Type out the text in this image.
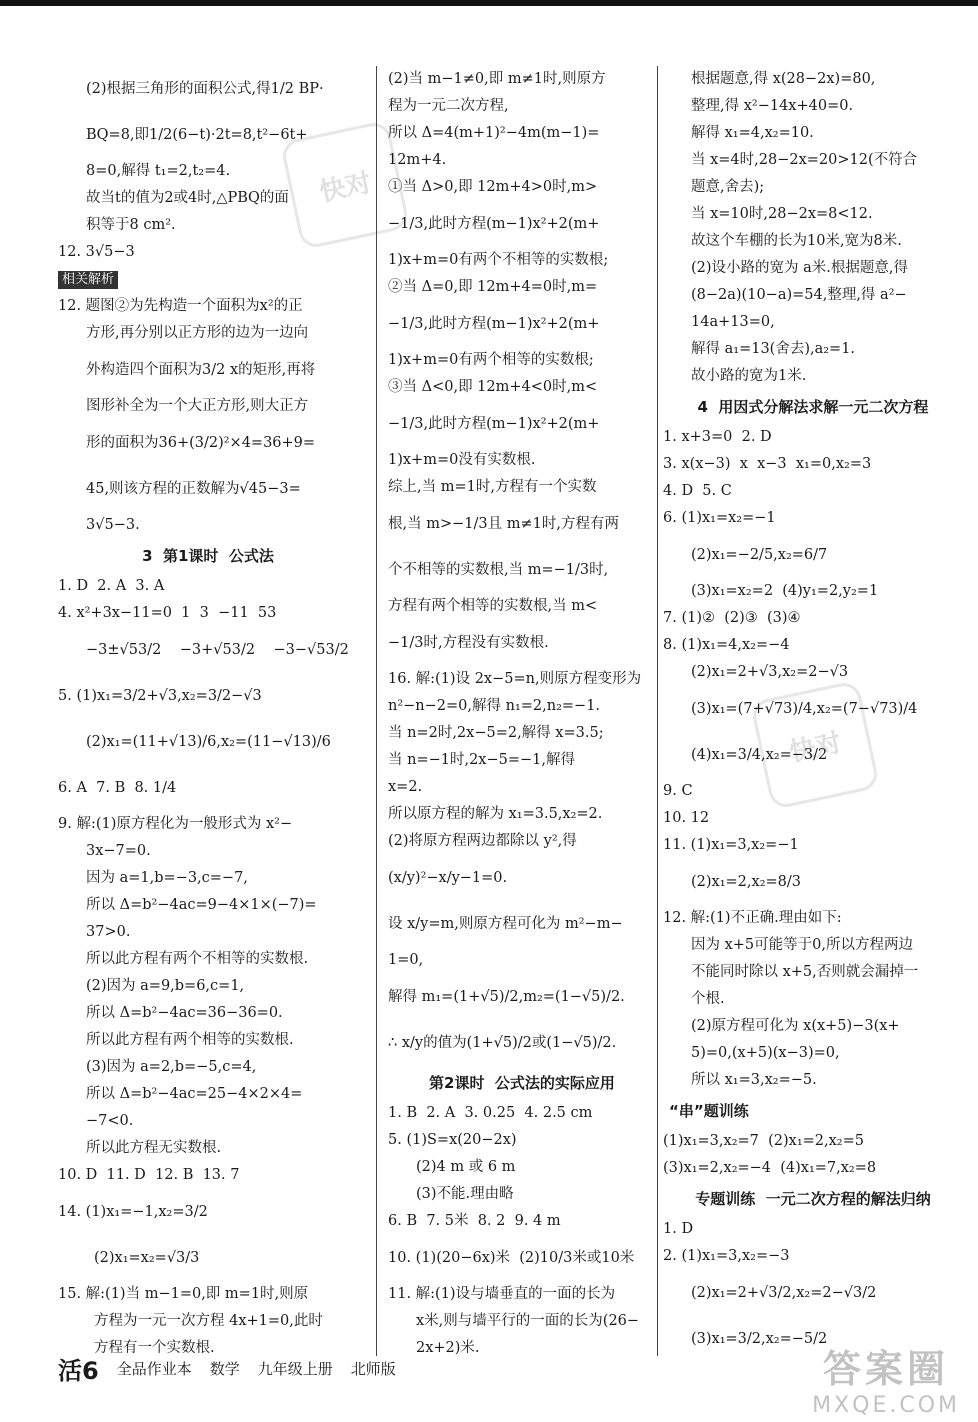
快对
快对
(2)根据三角形的面积公式,得1/2 BP·
BQ=8,即1/2(6−t)·2t=8,t²−6t+
8=0,解得 t₁=2,t₂=4.
故当t的值为2或4时,△PBQ的面
积等于8 cm².
12. 3√5−3
相关解析
12. 题图②为先构造一个面积为x²的正
方形,再分别以正方形的边为一边向
外构造四个面积为3/2 x的矩形,再将
图形补全为一个大正方形,则大正方
形的面积为36+(3/2)²×4=36+9=
45,则该方程的正数解为√45−3=
3√5−3.
3  第1课时  公式法
1. D  2. A  3. A
4. x²+3x−11=0  1  3  −11  53
−3±√53/2    −3+√53/2    −3−√53/2
5. (1)x₁=3/2+√3,x₂=3/2−√3
(2)x₁=(11+√13)/6,x₂=(11−√13)/6
6. A  7. B  8. 1/4
9. 解:(1)原方程化为一般形式为 x²−
3x−7=0.
因为 a=1,b=−3,c=−7,
所以 Δ=b²−4ac=9−4×1×(−7)=
37>0.
所以此方程有两个不相等的实数根.
(2)因为 a=9,b=6,c=1,
所以 Δ=b²−4ac=36−36=0.
所以此方程有两个相等的实数根.
(3)因为 a=2,b=−5,c=4,
所以 Δ=b²−4ac=25−4×2×4=
−7<0.
所以此方程无实数根.
10. D  11. D  12. B  13. 7
14. (1)x₁=−1,x₂=3/2
(2)x₁=x₂=√3/3
15. 解:(1)当 m−1=0,即 m=1时,则原
方程为一元一次方程 4x+1=0,此时
方程有一个实数根.
(2)当 m−1≠0,即 m≠1时,则原方
程为一元二次方程,
所以 Δ=4(m+1)²−4m(m−1)=
12m+4.
①当 Δ>0,即 12m+4>0时,m>
−1/3,此时方程(m−1)x²+2(m+
1)x+m=0有两个不相等的实数根;
②当 Δ=0,即 12m+4=0时,m=
−1/3,此时方程(m−1)x²+2(m+
1)x+m=0有两个相等的实数根;
③当 Δ<0,即 12m+4<0时,m<
−1/3,此时方程(m−1)x²+2(m+
1)x+m=0没有实数根.
综上,当 m=1时,方程有一个实数
根,当 m>−1/3且 m≠1时,方程有两
个不相等的实数根,当 m=−1/3时,
方程有两个相等的实数根,当 m<
−1/3时,方程没有实数根.
16. 解:(1)设 2x−5=n,则原方程变形为
n²−n−2=0,解得 n₁=2,n₂=−1.
当 n=2时,2x−5=2,解得 x=3.5;
当 n=−1时,2x−5=−1,解得
x=2.
所以原方程的解为 x₁=3.5,x₂=2.
(2)将原方程两边都除以 y²,得
(x/y)²−x/y−1=0.
设 x/y=m,则原方程可化为 m²−m−
1=0,
解得 m₁=(1+√5)/2,m₂=(1−√5)/2.
∴ x/y的值为(1+√5)/2或(1−√5)/2.
第2课时  公式法的实际应用
1. B  2. A  3. 0.25  4. 2.5 cm
5. (1)S=x(20−2x)
(2)4 m 或 6 m
(3)不能.理由略
6. B  7. 5米  8. 2  9. 4 m
10. (1)(20−6x)米  (2)10/3米或10米
11. 解:(1)设与墙垂直的一面的长为
x米,则与墙平行的一面的长为(26−
2x+2)米.
根据题意,得 x(28−2x)=80,
整理,得 x²−14x+40=0.
解得 x₁=4,x₂=10.
当 x=4时,28−2x=20>12(不符合
题意,舍去);
当 x=10时,28−2x=8<12.
故这个车棚的长为10米,宽为8米.
(2)设小路的宽为 a米.根据题意,得
(8−2a)(10−a)=54,整理,得 a²−
14a+13=0,
解得 a₁=13(舍去),a₂=1.
故小路的宽为1米.
4  用因式分解法求解一元二次方程
1. x+3=0  2. D
3. x(x−3)  x  x−3  x₁=0,x₂=3
4. D  5. C
6. (1)x₁=x₂=−1
(2)x₁=−2/5,x₂=6/7
(3)x₁=x₂=2  (4)y₁=2,y₂=1
7. (1)②  (2)③  (3)④
8. (1)x₁=4,x₂=−4
(2)x₁=2+√3,x₂=2−√3
(3)x₁=(7+√73)/4,x₂=(7−√73)/4
(4)x₁=3/4,x₂=−3/2
9. C
10. 12
11. (1)x₁=3,x₂=−1
(2)x₁=2,x₂=8/3
12. 解:(1)不正确.理由如下:
因为 x+5可能等于0,所以方程两边
不能同时除以 x+5,否则就会漏掉一
个根.
(2)原方程可化为 x(x+5)−3(x+
5)=0,(x+5)(x−3)=0,
所以 x₁=3,x₂=−5.
“串”题训练
(1)x₁=3,x₂=7  (2)x₁=2,x₂=5
(3)x₁=2,x₂=−4  (4)x₁=7,x₂=8
专题训练  一元二次方程的解法归纳
1. D
2. (1)x₁=3,x₂=−3
(2)x₁=2+√3/2,x₂=2−√3/2
(3)x₁=3/2,x₂=−5/2
活6 全品作业本 数学 九年级上册 北师版	答案圈
MXQE.COM
